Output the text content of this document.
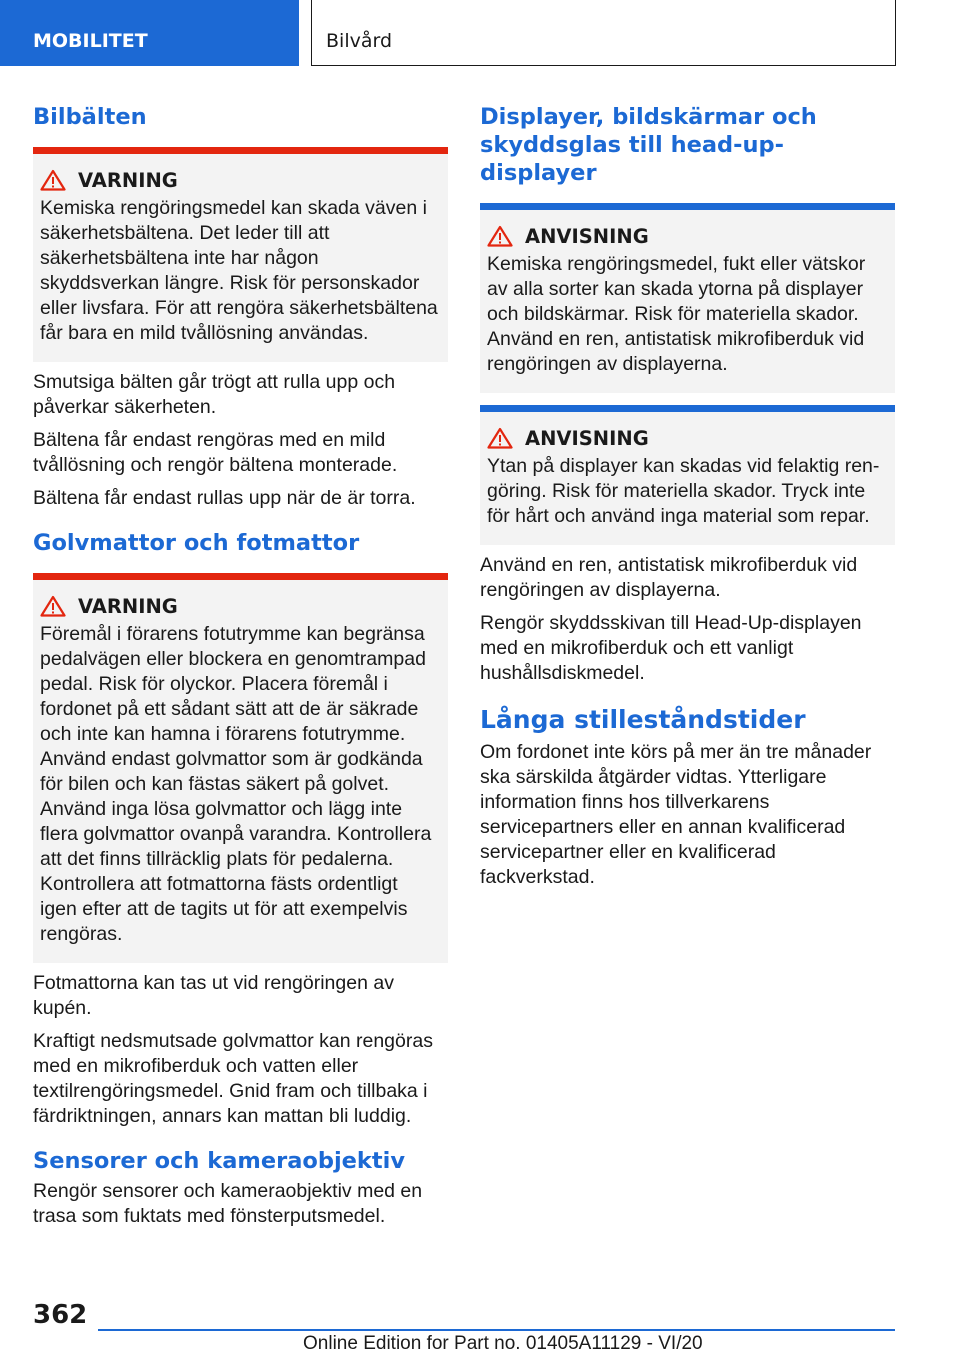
MOBILITET	Bilvård
Bilbälten
VARNING
Kemiska rengöringsmedel kan skada väven i säkerhetsbältena. Det leder till att säkerhetsbältena inte har någon skyddsverkan längre. Risk för personskador eller livsfara. För att rengöra säkerhetsbältena får bara en mild tvållösning användas.

Smutsiga bälten går trögt att rulla upp och påverkar säkerheten.

Bältena får endast rengöras med en mild tvållösning och rengör bältena monterade.

Bältena får endast rullas upp när de är torra.

Golvmattor och fotmattor
VARNING
Föremål i förarens fotutrymme kan begränsa pedalvägen eller blockera en genomtrampad pedal. Risk för olyckor. Placera föremål i fordonet på ett sådant sätt att de är säkrade och inte kan hamna i förarens fotutrymme. Använd endast golvmattor som är godkända för bilen och kan fästas säkert på golvet. Använd inga lösa golvmattor och lägg inte flera golvmattor ovanpå varandra. Kontrollera att det finns tillräcklig plats för pedalerna. Kontrollera att fotmattorna fästs ordentligt igen efter att de tagits ut för att exempelvis rengöras.

Fotmattorna kan tas ut vid rengöringen av kupén.

Kraftigt nedsmutsade golvmattor kan rengöras med en mikrofiberduk och vatten eller textilrengöringsmedel. Gnid fram och tillbaka i färdriktningen, annars kan mattan bli luddig.

Sensorer och kameraobjektiv

Rengör sensorer och kameraobjektiv med en trasa som fuktats med fönsterputsmedel.

Displayer, bildskärmar och skyddsglas till head-up-displayer
ANVISNING
Kemiska rengöringsmedel, fukt eller vätskor av alla sorter kan skada ytorna på displayer och bildskärmar. Risk för materiella skador. Använd en ren, antistatisk mikrofiberduk vid rengöringen av displayerna.
ANVISNING
Ytan på displayer kan skadas vid felaktig rengöring. Risk för materiella skador. Tryck inte för hårt och använd inga material som repar.

Använd en ren, antistatisk mikrofiberduk vid rengöringen av displayerna.

Rengör skyddsskivan till Head-Up-displayen med en mikrofiberduk och ett vanligt hushållsdiskmedel.

Långa stilleståndstider

Om fordonet inte körs på mer än tre månader ska särskilda åtgärder vidtas. Ytterligare information finns hos tillverkarens servicepartners eller en annan kvalificerad servicepartner eller en kvalificerad fackverkstad.

362
Online Edition for Part no. 01405A11129 - VI/20
